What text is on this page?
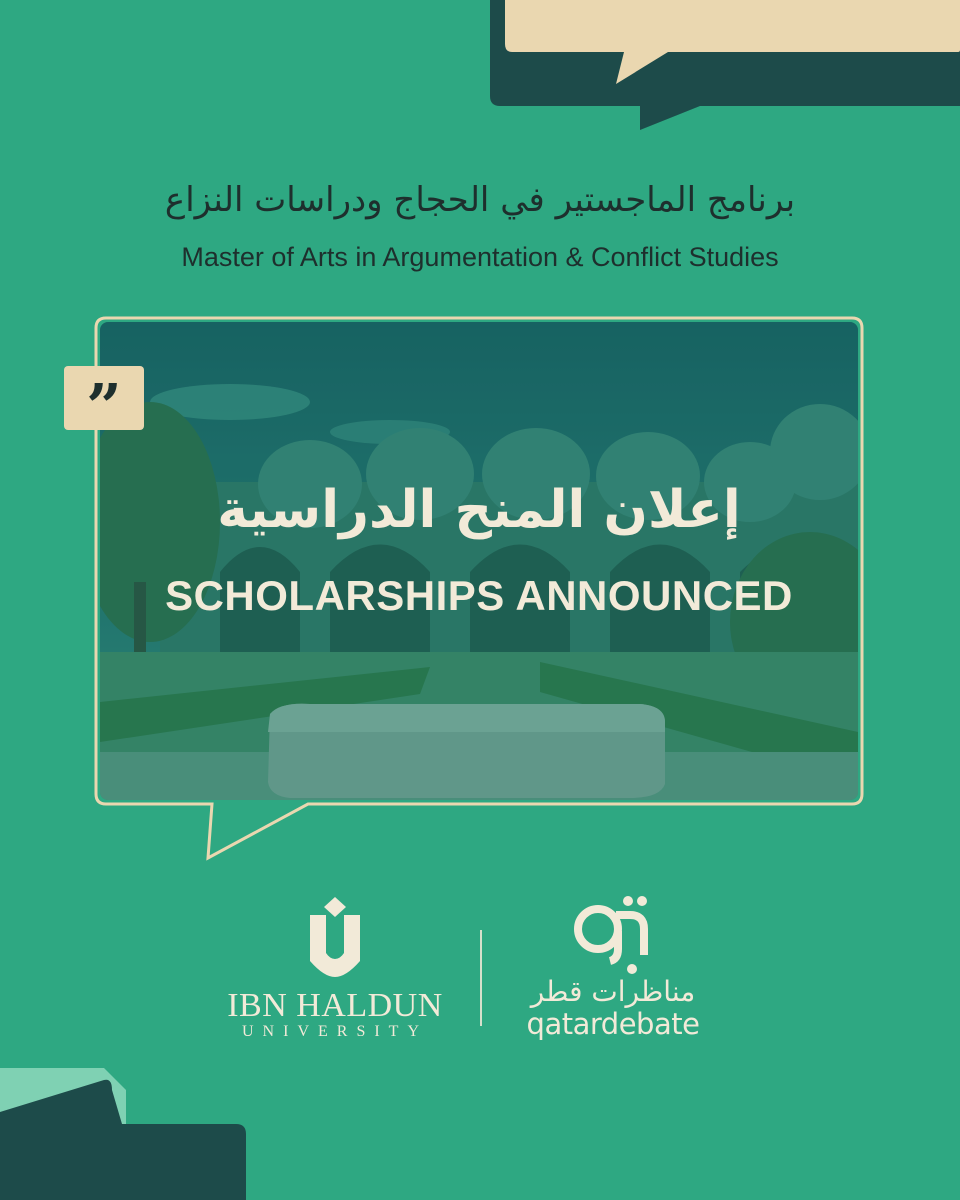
برنامج الماجستير في الحجاج ودراسات النزاع
Master of Arts in Argumentation & Conflict Studies
”
إعلان المنح الدراسية
SCHOLARSHIPS ANNOUNCED
IBN HALDUN
UNIVERSITY
مناظرات قطر
qatardebate
